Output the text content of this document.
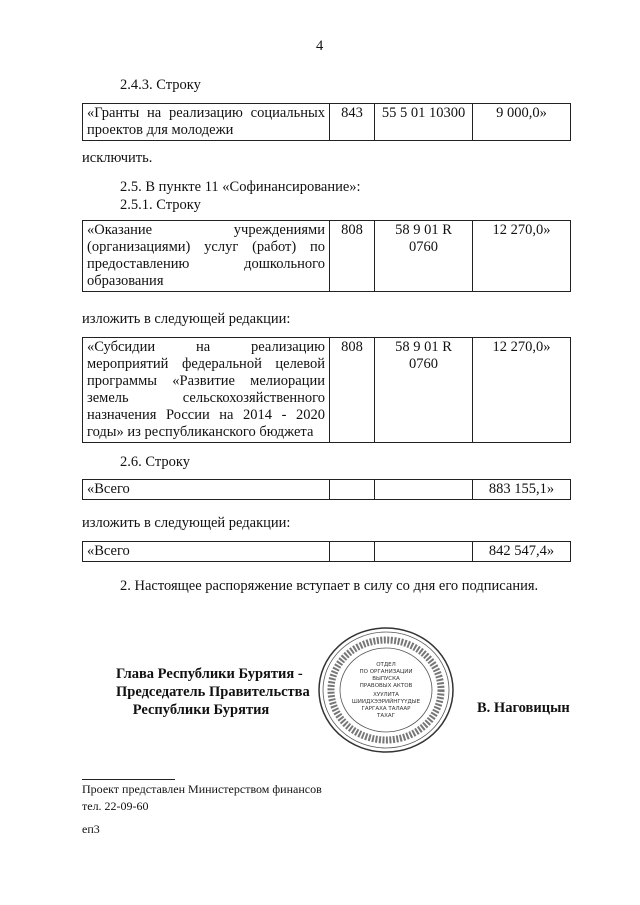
4
2.4.3. Строку
«Гранты на реализацию социальных проектов для молодежи	843	55 5 01 10300	9 000,0»
исключить.
2.5. В пункте 11 «Софинансирование»:
2.5.1. Строку
«Оказание учреждениями (организациями) услуг (работ) по предоставлению дошкольного образования	808	58 9 01 R 0760	12 270,0»
изложить в следующей редакции:
«Субсидии на реализацию мероприятий федеральной целевой программы «Развитие мелиорации земель сельскохозяйственного назначения России на 2014 - 2020 годы» из республиканского бюджета	808	58 9 01 R 0760	12 270,0»
2.6. Строку
«Всего			883 155,1»
изложить в следующей редакции:
«Всего			842 547,4»
2. Настоящее распоряжение вступает в силу со дня его подписания.
Глава Республики Бурятия -
Председатель Правительства
Республики Бурятия	В. Наговицын
ОТДЕЛ
ПО ОРГАНИЗАЦИИ
ВЫПУСКА
ПРАВОВЫХ АКТОВ
ХУУЛИТА
ШИИДХЭЭРИЙНГҮҮДЫЕ
ГАРГАХА ТАЛААР
ТАХАГ
Проект представлен Министерством финансов
тел. 22-09-60
еп3
